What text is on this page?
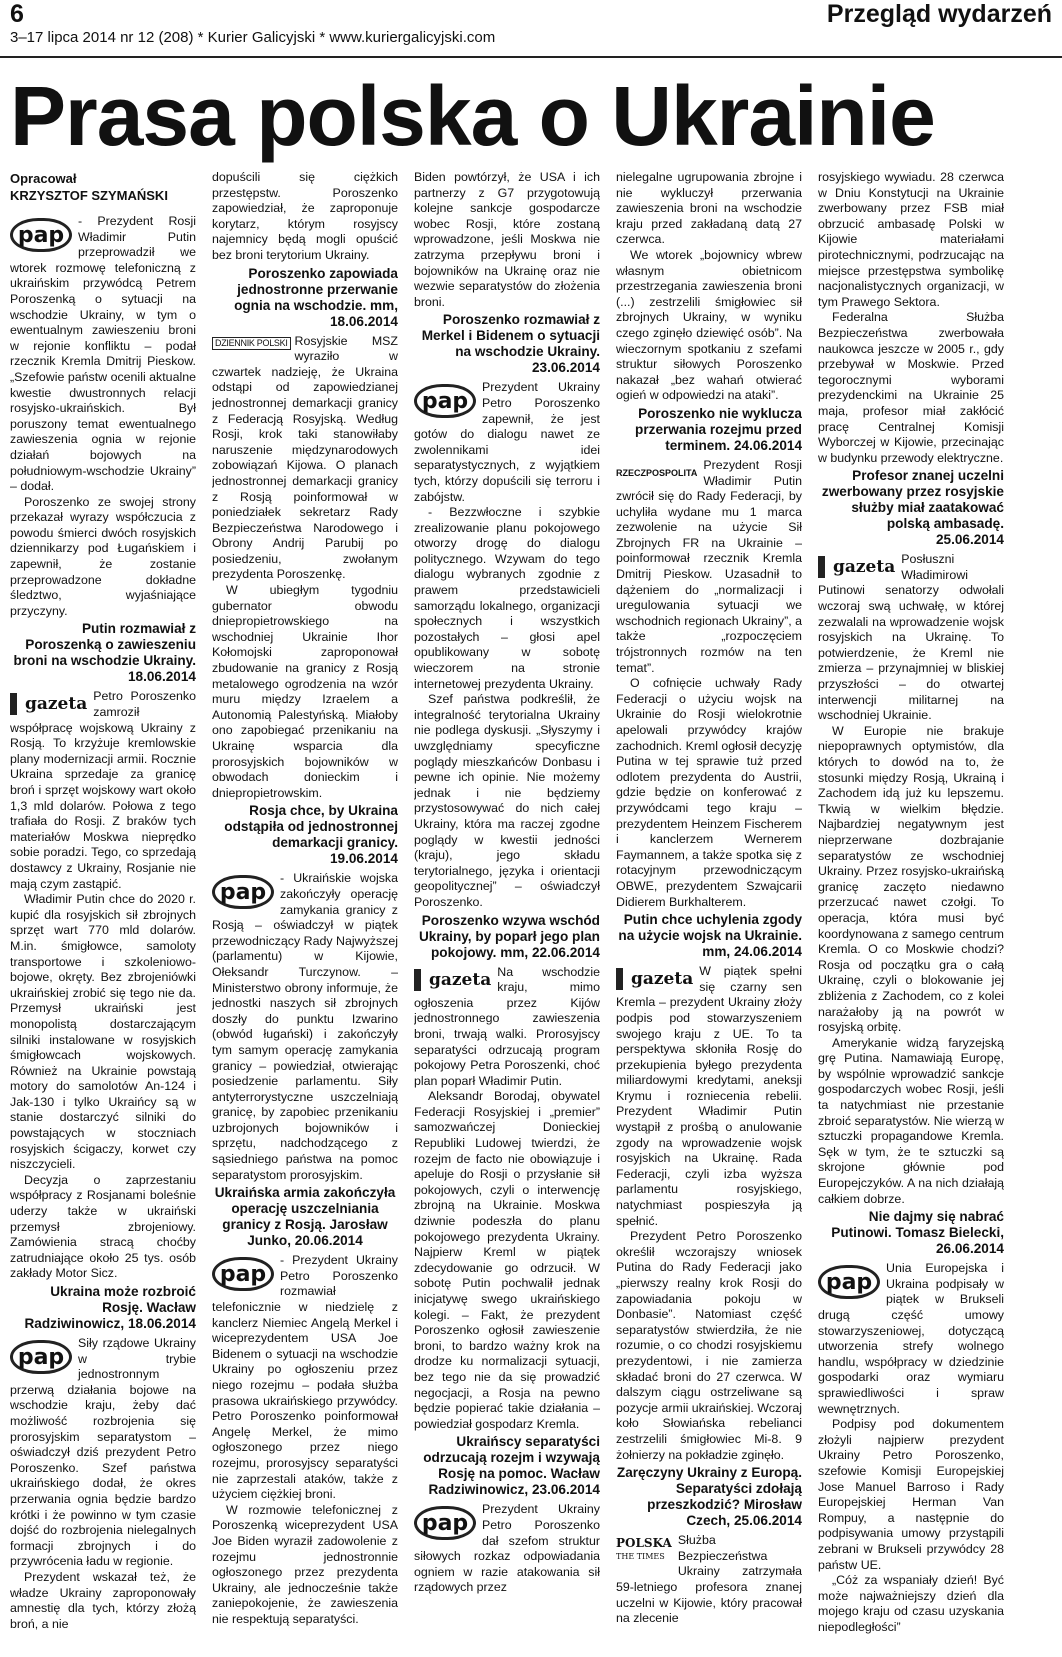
6
3–17 lipca 2014 nr 12 (208) * Kurier Galicyjski * www.kuriergalicyjski.com
Przegląd wydarzeń
Prasa polska o Ukrainie
Opracował
KRZYSZTOF SZYMAŃSKI
pap

- Prezydent Rosji Władimir Putin przeprowadził we wtorek rozmowę telefoniczną z ukraińskim przywódcą Petrem Poroszenką o sytuacji na wschodzie Ukrainy, w tym o ewentualnym zawieszeniu broni w rejonie konfliktu – podał rzecznik Kremla Dmitrij Pieskow. „Szefowie państw ocenili aktualne kwestie dwustronnych relacji rosyjsko-ukraińskich. Był poruszony temat ewentualnego zawieszenia ognia w rejonie działań bojowych na południowym-wschodzie Ukrainy” – dodał.

Poroszenko ze swojej strony przekazał wyrazy współczucia z powodu śmierci dwóch rosyjskich dziennikarzy pod Ługańskiem i zapewnił, że zostanie przeprowadzone dokładne śledztwo, wyjaśniające przyczyny.

Putin rozmawiał z Poroszenką o zawieszeniu broni na wschodzie Ukrainy. 18.06.2014
gazeta Petro Poroszenko zamroził współpracę wojskową Ukrainy z Rosją. To krzyżuje kremlowskie plany modernizacji armii. Rocznie Ukraina sprzedaje za granicę broń i sprzęt wojskowy wart około 1,3 mld dolarów. Połowa z tego trafiała do Rosji. Z braków tych materiałów Moskwa nieprędko sobie poradzi. Tego, co sprzedają dostawcy z Ukrainy, Rosjanie nie mają czym zastąpić.

Władimir Putin chce do 2020 r. kupić dla rosyjskich sił zbrojnych sprzęt wart 770 mld dolarów. M.in. śmigłowce, samoloty transportowe i szkoleniowo-bojowe, okręty. Bez zbrojeniówki ukraińskiej zrobić się tego nie da. Przemysł ukraiński jest monopolistą dostarczającym silniki instalowane w rosyjskich śmigłowcach wojskowych. Również na Ukrainie powstają motory do samolotów An-124 i Jak-130 i tylko Ukraińcy są w stanie dostarczyć silniki do powstających w stoczniach rosyjskich ścigaczy, korwet czy niszczycieli.

Decyzja o zaprzestaniu współpracy z Rosjanami boleśnie uderzy także w ukraiński przemysł zbrojeniowy. Zamówienia stracą choćby zatrudniające około 25 tys. osób zakłady Motor Sicz.

Ukraina może rozbroić Rosję. Wacław Radziwinowicz, 18.06.2014
pap

Siły rządowe Ukrainy w trybie jednostronnym przerwą działania bojowe na wschodzie kraju, żeby dać możliwość rozbrojenia się prorosyjskim separatystom – oświadczył dziś prezydent Petro Poroszenko. Szef państwa ukraińskiego dodał, że okres przerwania ognia będzie bardzo krótki i że powinno w tym czasie dojść do rozbrojenia nielegalnych formacji zbrojnych i do przywrócenia ładu w regionie.

Prezydent wskazał też, że władze Ukrainy zaproponowały amnestię dla tych, którzy złożą broń, a nie

dopuścili się ciężkich przestępstw. Poroszenko zapowiedział, że zaproponuje korytarz, którym rosyjscy najemnicy będą mogli opuścić bez broni terytorium Ukrainy.

Poroszenko zapowiada jednostronne przerwanie ognia na wschodzie. mm, 18.06.2014
DZIENNIK POLSKI Rosyjskie MSZ wyraziło w czwartek nadzieję, że Ukraina odstąpi od zapowiedzianej jednostronnej demarkacji granicy z Federacją Rosyjską. Według Rosji, krok taki stanowiłaby naruszenie międzynarodowych zobowiązań Kijowa. O planach jednostronnej demarkacji granicy z Rosją poinformował w poniedziałek sekretarz Rady Bezpieczeństwa Narodowego i Obrony Andrij Parubij po posiedzeniu, zwołanym prezydenta Poroszenkę.

W ubiegłym tygodniu gubernator obwodu dniepropietrowskiego na wschodniej Ukrainie Ihor Kołomojski zaproponował zbudowanie na granicy z Rosją metalowego ogrodzenia na wzór muru między Izraelem a Autonomią Palestyńską. Miałoby ono zapobiegać przenikaniu na Ukrainę wsparcia dla prorosyjskich bojowników w obwodach donieckim i dniepropietrowskim.

Rosja chce, by Ukraina odstąpiła od jednostronnej demarkacji granicy. 19.06.2014
pap

- Ukraińskie wojska zakończyły operację zamykania granicy z Rosją – oświadczył w piątek przewodniczący Rady Najwyższej (parlamentu) w Kijowie, Ołeksandr Turczynow. – Ministerstwo obrony informuje, że jednostki naszych sił zbrojnych doszły do punktu Izwarino (obwód ługański) i zakończyły tym samym operację zamykania granicy – powiedział, otwierając posiedzenie parlamentu. Siły antyterrorystyczne uszczelniają granicę, by zapobiec przenikaniu uzbrojonych bojowników i sprzętu, nadchodzącego z sąsiedniego państwa na pomoc separatystom prorosyjskim.

Ukraińska armia zakończyła operację uszczelniania granicy z Rosją. Jarosław Junko, 20.06.2014
pap

- Prezydent Ukrainy Petro Poroszenko rozmawiał telefonicznie w niedzielę z kanclerz Niemiec Angelą Merkel i wiceprezydentem USA Joe Bidenem o sytuacji na wschodzie Ukrainy po ogłoszeniu przez niego rozejmu – podała służba prasowa ukraińskiego przywódcy. Petro Poroszenko poinformował Angelę Merkel, że mimo ogłoszonego przez niego rozejmu, prorosyjscy separatyści nie zaprzestali ataków, także z użyciem ciężkiej broni.

W rozmowie telefonicznej z Poroszenką wiceprezydent USA Joe Biden wyraził zadowolenie z rozejmu jednostronnie ogłoszonego przez prezydenta Ukrainy, ale jednocześnie także zaniepokojenie, że zawieszenia nie respektują separatyści.

Biden powtórzył, że USA i ich partnerzy z G7 przygotowują kolejne sankcje gospodarcze wobec Rosji, które zostaną wprowadzone, jeśli Moskwa nie zatrzyma przepływu broni i bojowników na Ukrainę oraz nie wezwie separatystów do złożenia broni.

Poroszenko rozmawiał z Merkel i Bidenem o sytuacji na wschodzie Ukrainy. 23.06.2014
pap

Prezydent Ukrainy Petro Poroszenko zapewnił, że jest gotów do dialogu nawet ze zwolennikami idei separatystycznych, z wyjątkiem tych, którzy dopuścili się terroru i zabójstw.

- Bezzwłoczne i szybkie zrealizowanie planu pokojowego otworzy drogę do dialogu politycznego. Wzywam do tego dialogu wybranych zgodnie z prawem przedstawicieli samorządu lokalnego, organizacji społecznych i wszystkich pozostałych – głosi apel opublikowany w sobotę wieczorem na stronie internetowej prezydenta Ukrainy.

Szef państwa podkreślił, że integralność terytorialna Ukrainy nie podlega dyskusji. „Słyszymy i uwzględniamy specyficzne poglądy mieszkańców Donbasu i pewne ich opinie. Nie możemy jednak i nie będziemy przystosowywać do nich całej Ukrainy, która ma raczej zgodne poglądy w kwestii jedności (kraju), jego składu terytorialnego, języka i orientacji geopolitycznej” – oświadczył Poroszenko.

Poroszenko wzywa wschód Ukrainy, by poparł jego plan pokojowy. mm, 22.06.2014
gazeta Na wschodzie kraju, mimo ogłoszenia przez Kijów jednostronnego zawieszenia broni, trwają walki. Prorosyjscy separatyści odrzucają program pokojowy Petra Poroszenki, choć plan poparł Władimir Putin.

Aleksandr Borodaj, obywatel Federacji Rosyjskiej i „premier” samozwańczej Donieckiej Republiki Ludowej twierdzi, że rozejm de facto nie obowiązuje i apeluje do Rosji o przysłanie sił pokojowych, czyli o interwencję zbrojną na Ukrainie. Moskwa dziwnie podeszła do planu pokojowego prezydenta Ukrainy. Najpierw Kreml w piątek zdecydowanie go odrzucił. W sobotę Putin pochwalił jednak inicjatywę swego ukraińskiego kolegi. – Fakt, że prezydent Poroszenko ogłosił zawieszenie broni, to bardzo ważny krok na drodze ku normalizacji sytuacji, bez tego nie da się prowadzić negocjacji, a Rosja na pewno będzie popierać takie działania – powiedział gospodarz Kremla.

Ukraińscy separatyści odrzucają rozejm i wzywają Rosję na pomoc. Wacław Radziwinowicz, 23.06.2014
pap

Prezydent Ukrainy Petro Poroszenko dał szefom struktur siłowych rozkaz odpowiadania ogniem w razie atakowania sił rządowych przez

nielegalne ugrupowania zbrojne i nie wykluczył przerwania zawieszenia broni na wschodzie kraju przed zakładaną datą 27 czerwca.

We wtorek „bojownicy wbrew własnym obietnicom przestrzegania zawieszenia broni (...) zestrzelili śmigłowiec sił zbrojnych Ukrainy, w wyniku czego zginęło dziewięć osób”. Na wieczornym spotkaniu z szefami struktur siłowych Poroszenko nakazał „bez wahań otwierać ogień w odpowiedzi na ataki”.

Poroszenko nie wyklucza przerwania rozejmu przed terminem. 24.06.2014
RZECZPOSPOLITA

Prezydent Rosji Władimir Putin zwrócił się do Rady Federacji, by uchyliła wydane mu 1 marca zezwolenie na użycie Sił Zbrojnych FR na Ukrainie – poinformował rzecznik Kremla Dmitrij Pieskow. Uzasadnił to dążeniem do „normalizacji i uregulowania sytuacji we wschodnich regionach Ukrainy”, a także „rozpoczęciem trójstronnych rozmów na ten temat”.

O cofnięcie uchwały Rady Federacji o użyciu wojsk na Ukrainie do Rosji wielokrotnie apelowali przywódcy krajów zachodnich. Kreml ogłosił decyzję Putina w tej sprawie tuż przed odlotem prezydenta do Austrii, gdzie będzie on konferować z przywódcami tego kraju – prezydentem Heinzem Fischerem i kanclerzem Wernerem Faymannem, a także spotka się z rotacyjnym przewodniczącym OBWE, prezydentem Szwajcarii Didierem Burkhalterem.

Putin chce uchylenia zgody na użycie wojsk na Ukrainie. mm, 24.06.2014
gazeta W piątek spełni się czarny sen Kremla – prezydent Ukrainy złoży podpis pod stowarzyszeniem swojego kraju z UE. To ta perspektywa skłoniła Rosję do przekupienia byłego prezydenta miliardowymi kredytami, aneksji Krymu i rozniecenia rebelii. Prezydent Władimir Putin wystąpił z prośbą o anulowanie zgody na wprowadzenie wojsk rosyjskich na Ukrainę. Rada Federacji, czyli izba wyższa parlamentu rosyjskiego, natychmiast pospieszyła ją spełnić.

Prezydent Petro Poroszenko określił wczorajszy wniosek Putina do Rady Federacji jako „pierwszy realny krok Rosji do zapowiadania pokoju w Donbasie”. Natomiast część separatystów stwierdziła, że nie rozumie, o co chodzi rosyjskiemu prezydentowi, i nie zamierza składać broni do 27 czerwca. W dalszym ciągu ostrzeliwane są pozycje armii ukraińskiej. Wczoraj koło Słowiańska rebelianci zestrzelili śmigłowiec Mi-8. 9 żołnierzy na pokładzie zginęło.

Zaręczyny Ukrainy z Europą. Separatyści zdołają przeszkodzić? Mirosław Czech, 25.06.2014
POLSKA
THE TIMES

Służba Bezpieczeństwa Ukrainy zatrzymała 59-letniego profesora znanej uczelni w Kijowie, który pracował na zlecenie

rosyjskiego wywiadu. 28 czerwca w Dniu Konstytucji na Ukrainie zwerbowany przez FSB miał obrzucić ambasadę Polski w Kijowie materiałami pirotechnicznymi, podrzucając na miejsce przestępstwa symbolikę nacjonalistycznych organizacji, w tym Prawego Sektora.

Federalna Służba Bezpieczeństwa zwerbowała naukowca jeszcze w 2005 r., gdy przebywał w Moskwie. Przed tegorocznymi wyborami prezydenckimi na Ukrainie 25 maja, profesor miał zakłócić pracę Centralnej Komisji Wyborczej w Kijowie, przecinając w budynku przewody elektryczne.

Profesor znanej uczelni zwerbowany przez rosyjskie służby miał zaatakować polską ambasadę. 25.06.2014
gazeta Posłuszni Władimirowi Putinowi senatorzy odwołali wczoraj swą uchwałę, w której zezwalali na wprowadzenie wojsk rosyjskich na Ukrainę. To potwierdzenie, że Kreml nie zmierza – przynajmniej w bliskiej przyszłości – do otwartej interwencji militarnej na wschodniej Ukrainie.

W Europie nie brakuje niepoprawnych optymistów, dla których to dowód na to, że stosunki między Rosją, Ukrainą i Zachodem idą już ku lepszemu. Tkwią w wielkim błędzie. Najbardziej negatywnym jest nieprzerwane dozbrajanie separatystów ze wschodniej Ukrainy. Przez rosyjsko-ukraińską granicę zaczęto niedawno przerzucać nawet czołgi. To operacja, która musi być koordynowana z samego centrum Kremla. O co Moskwie chodzi? Rosja od początku gra o całą Ukrainę, czyli o blokowanie jej zbliżenia z Zachodem, co z kolei narażałoby ją na powrót w rosyjską orbitę.

Amerykanie widzą faryzejską grę Putina. Namawiają Europę, by wspólnie wprowadzić sankcje gospodarczych wobec Rosji, jeśli ta natychmiast nie przestanie zbroić separatystów. Nie wierzą w sztuczki propagandowe Kremla. Sęk w tym, że te sztuczki są skrojone głównie pod Europejczyków. A na nich działają całkiem dobrze.

Nie dajmy się nabrać Putinowi. Tomasz Bielecki, 26.06.2014
pap

Unia Europejska i Ukraina podpisały w piątek w Brukseli drugą część umowy stowarzyszeniowej, dotyczącą utworzenia strefy wolnego handlu, współpracy w dziedzinie gospodarki oraz wymiaru sprawiedliwości i spraw wewnętrznych.

Podpisy pod dokumentem złożyli najpierw prezydent Ukrainy Petro Poroszenko, szefowie Komisji Europejskiej Jose Manuel Barroso i Rady Europejskiej Herman Van Rompuy, a następnie do podpisywania umowy przystąpili zebrani w Brukseli przywódcy 28 państw UE.

„Cóż za wspaniały dzień! Być może najważniejszy dzień dla mojego kraju od czasu uzyskania niepodległości”
